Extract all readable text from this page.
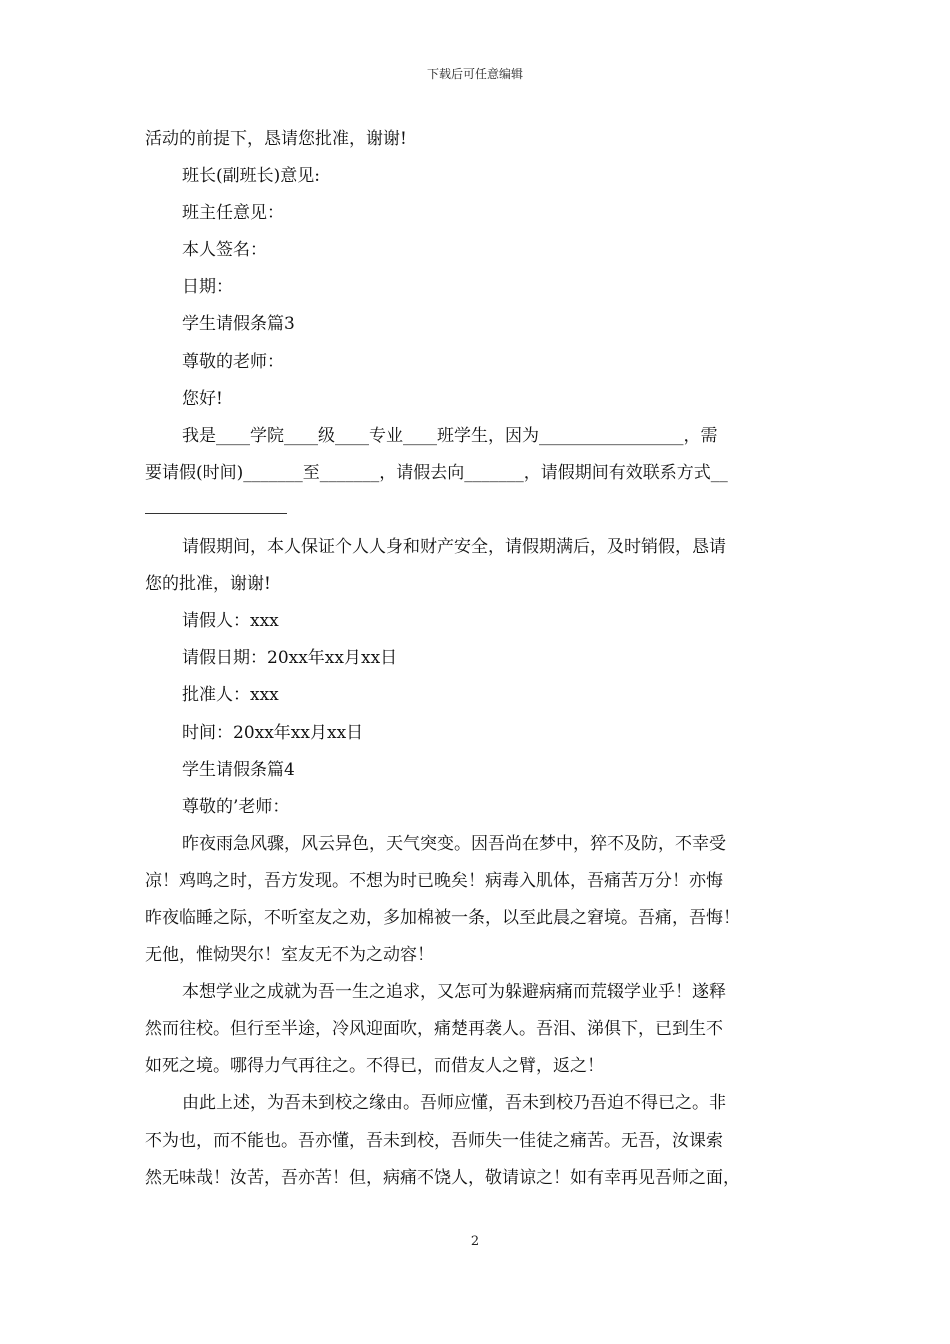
下载后可任意编辑

活动的前提下，恳请您批准，谢谢!

班长(副班长)意见:

班主任意见：

本人签名：

日期：

学生请假条篇3

尊敬的老师：

您好!

我是____学院____级____专业____班学生，因为_________________，需

要请假(时间)_______至_______，请假去向_______，请假期间有效联系方式__

请假期间，本人保证个人人身和财产安全，请假期满后，及时销假，恳请

您的批准，谢谢!

请假人：xxx

请假日期：20xx年xx月xx日

批准人：xxx

时间：20xx年xx月xx日

学生请假条篇4

尊敬的’老师：

昨夜雨急风骤，风云异色，天气突变。因吾尚在梦中，猝不及防，不幸受

凉！鸡鸣之时，吾方发现。不想为时已晚矣！病毒入肌体，吾痛苦万分！亦悔

昨夜临睡之际，不听室友之劝，多加棉被一条，以至此晨之窘境。吾痛，吾悔！

无他，惟恸哭尔！室友无不为之动容！

本想学业之成就为吾一生之追求，又怎可为躲避病痛而荒辍学业乎！遂释

然而往校。但行至半途，冷风迎面吹，痛楚再袭人。吾泪、涕俱下，已到生不

如死之境。哪得力气再往之。不得已，而借友人之臂，返之！

由此上述，为吾未到校之缘由。吾师应懂，吾未到校乃吾迫不得已之。非

不为也，而不能也。吾亦懂，吾未到校，吾师失一佳徒之痛苦。无吾，汝课索

然无味哉！汝苦，吾亦苦！但，病痛不饶人，敬请谅之！如有幸再见吾师之面，

2
